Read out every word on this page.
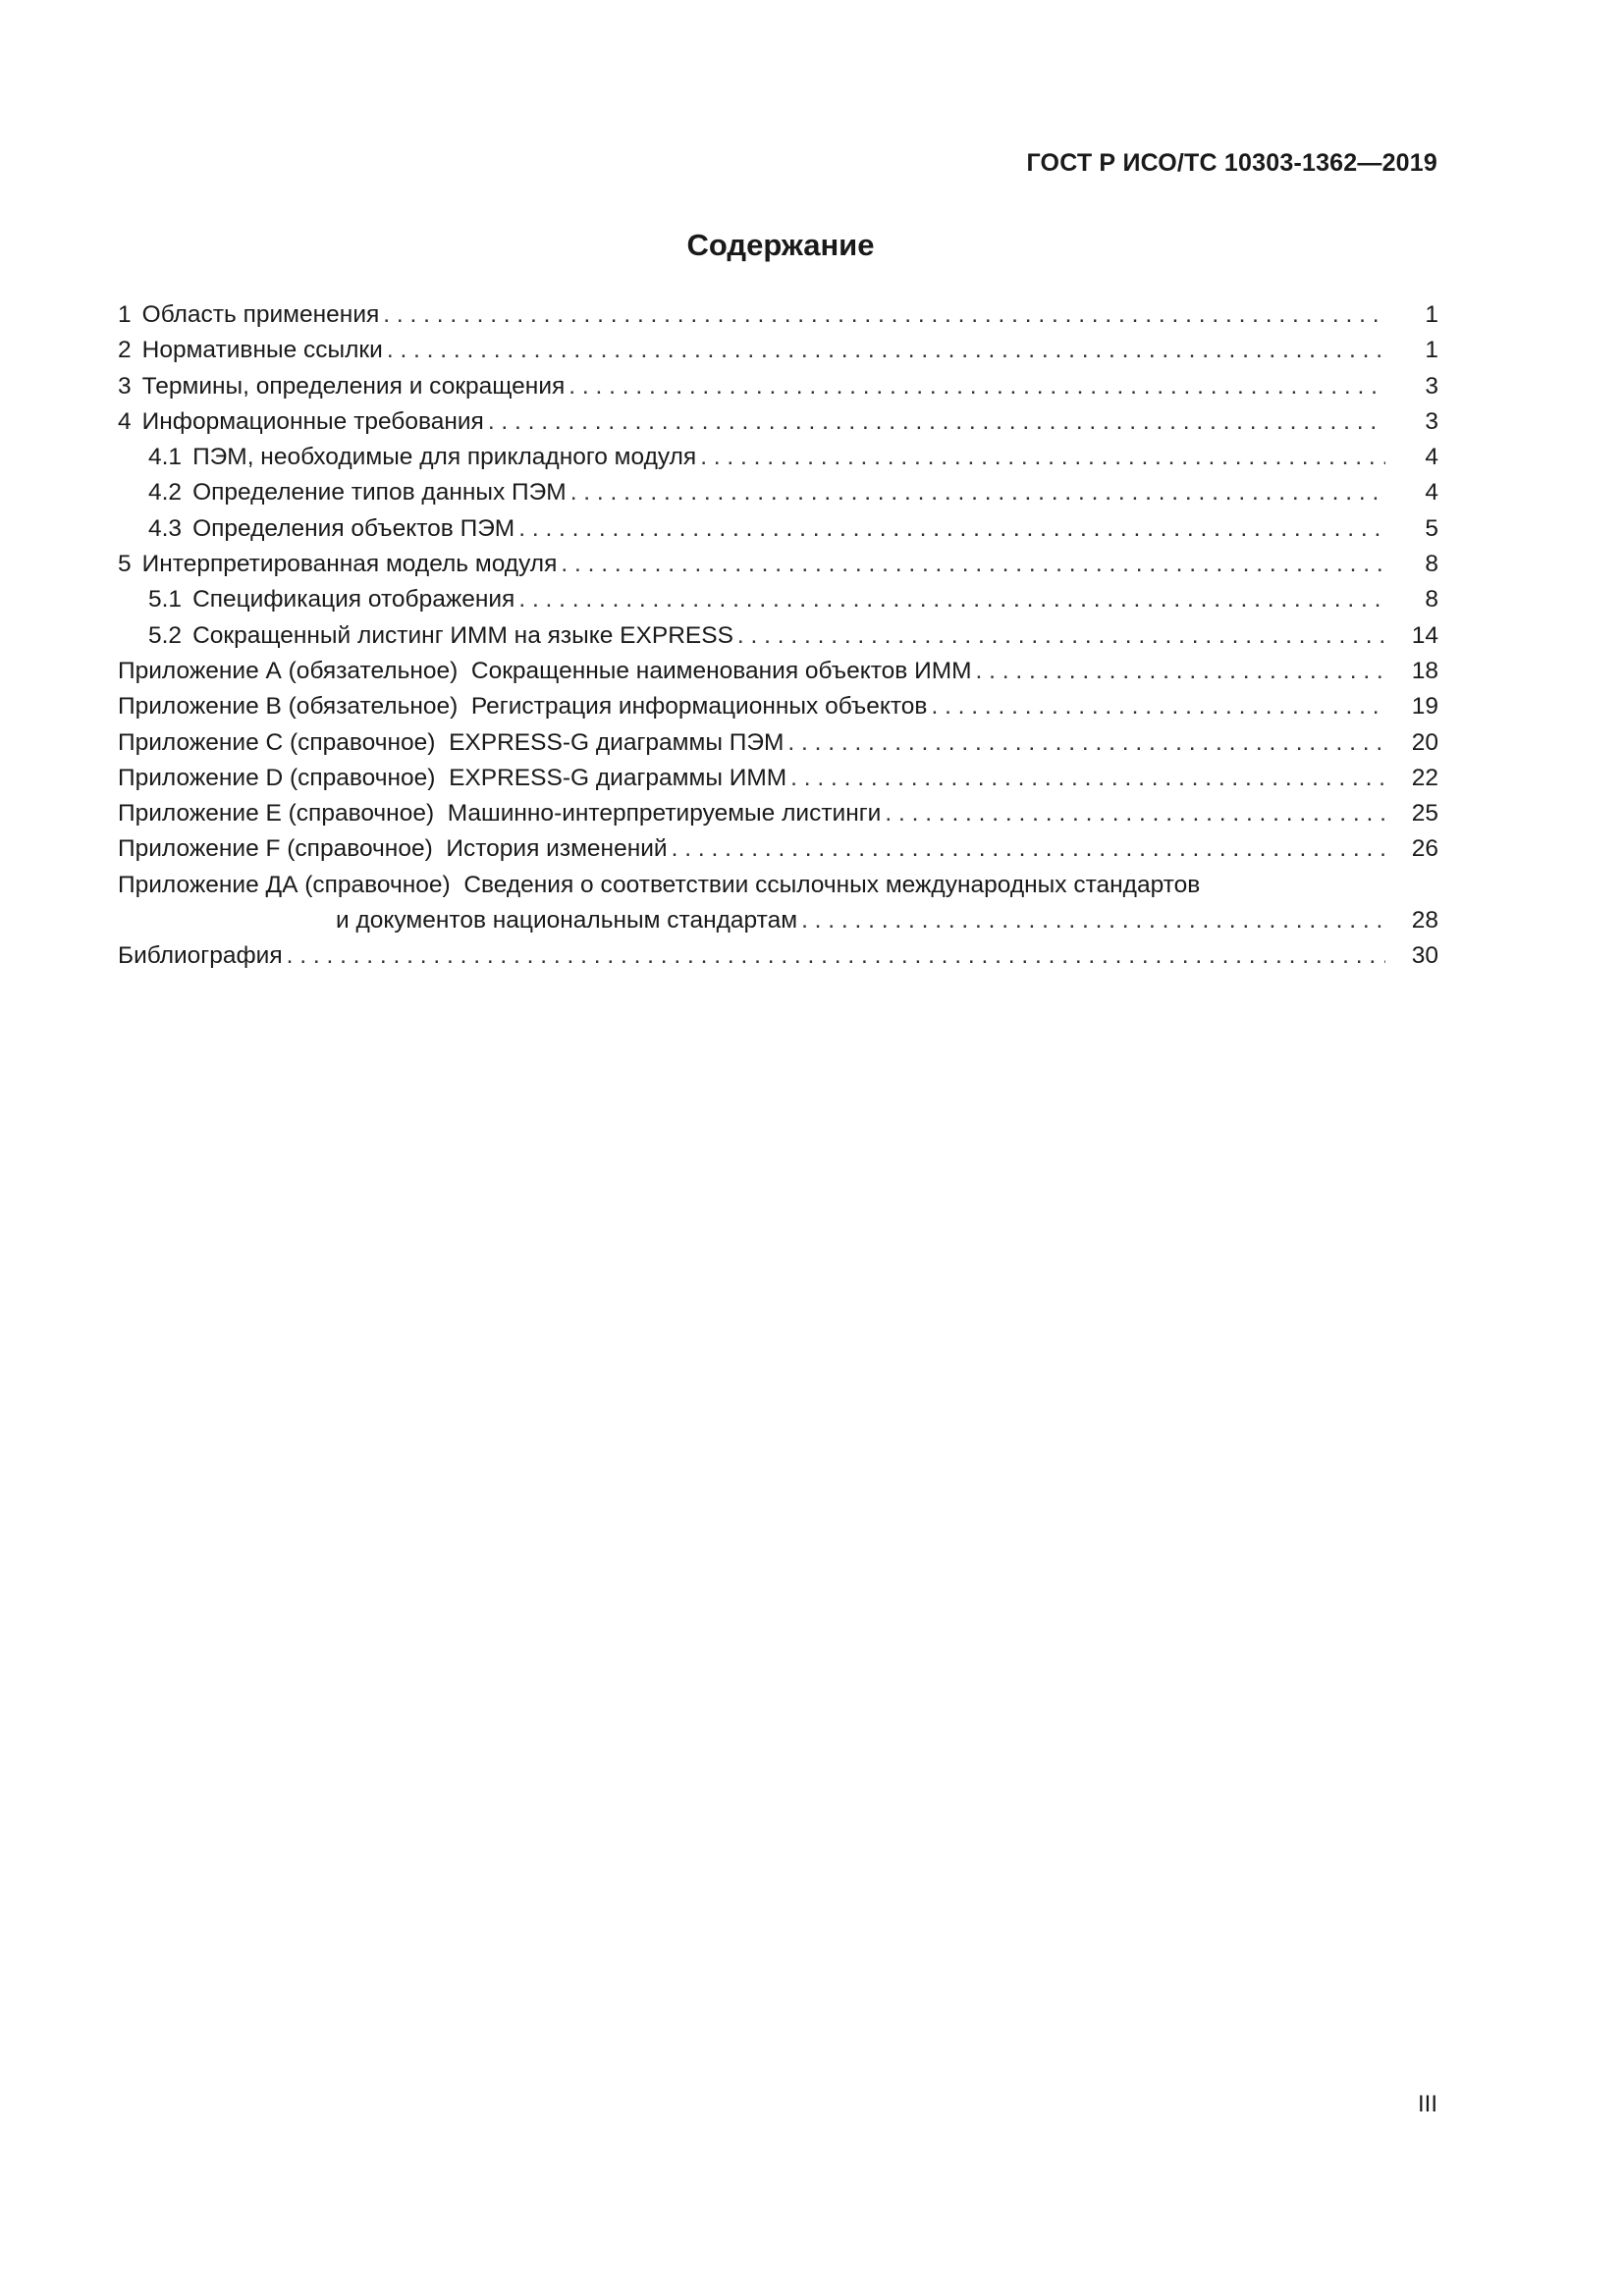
ГОСТ Р ИСО/ТС 10303-1362—2019
Содержание
1 Область применения . . .	1
2 Нормативные ссылки . . .	1
3 Термины, определения и сокращения . . .	3
4 Информационные требования . . .	3
4.1 ПЭМ, необходимые для прикладного модуля . . .	4
4.2 Определение типов данных ПЭМ . . .	4
4.3 Определения объектов ПЭМ . . .	5
5 Интерпретированная модель модуля . . .	8
5.1 Спецификация отображения . . .	8
5.2 Сокращенный листинг ИММ на языке EXPRESS . . .	14
Приложение А (обязательное)  Сокращенные наименования объектов ИММ . . .	18
Приложение В (обязательное)  Регистрация информационных объектов . . .	19
Приложение С (справочное)  EXPRESS-G диаграммы ПЭМ . . .	20
Приложение D (справочное)  EXPRESS-G диаграммы ИММ . . .	22
Приложение Е (справочное)  Машинно-интерпретируемые листинги . . .	25
Приложение F (справочное)  История изменений . . .	26
Приложение ДА (справочное)  Сведения о соответствии ссылочных международных стандартов
и документов национальным стандартам . . .	28
Библиография . . .	30
III
